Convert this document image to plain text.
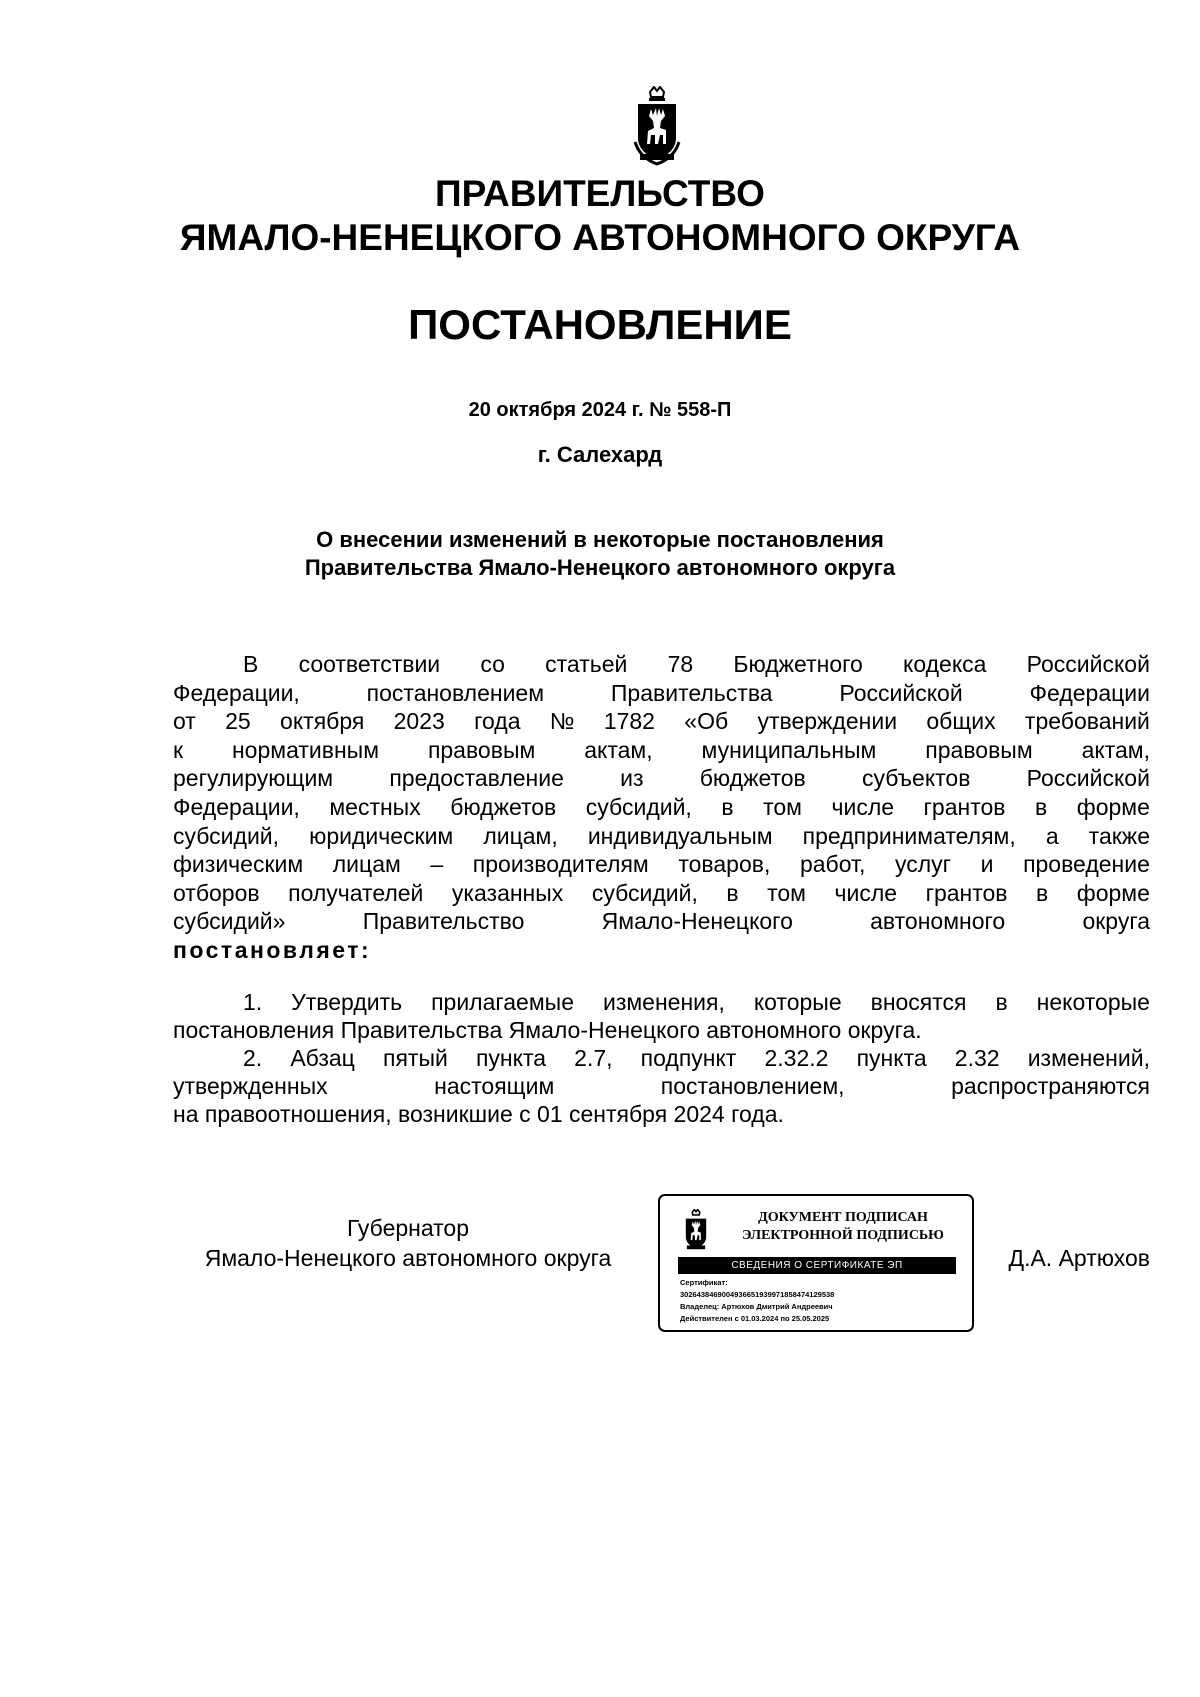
ПРАВИТЕЛЬСТВО
ЯМАЛО-НЕНЕЦКОГО АВТОНОМНОГО ОКРУГА
ПОСТАНОВЛЕНИЕ
20 октября 2024 г. № 558-П
г. Салехард
О внесении изменений в некоторые постановления
Правительства Ямало-Ненецкого автономного округа
В соответствии со статьей 78 Бюджетного кодекса Российской
Федерации,	постановлением	Правительства	Российской	Федерации
от 25 октября 2023 года № 1782 «Об утверждении общих требований
к нормативным правовым актам, муниципальным правовым актам,
регулирующим предоставление из бюджетов субъектов Российской
Федерации, местных бюджетов субсидий, в том числе грантов в форме
субсидий, юридическим лицам, индивидуальным предпринимателям, а также
физическим лицам – производителям товаров, работ, услуг и проведение
отборов получателей указанных субсидий, в том числе грантов в форме
субсидий»	Правительство	Ямало-Ненецкого	автономного	округа
постановляет:
1. Утвердить прилагаемые изменения, которые вносятся в некоторые
постановления Правительства Ямало-Ненецкого автономного округа.
2. Абзац пятый пункта 2.7, подпункт 2.32.2 пункта 2.32 изменений,
утвержденных	настоящим	постановлением,	распространяются
на правоотношения, возникшие с 01 сентября 2024 года.
Губернатор
Ямало-Ненецкого автономного округа	Д.А. Артюхов
ДОКУМЕНТ ПОДПИСАН
ЭЛЕКТРОННОЙ ПОДПИСЬЮ
СВЕДЕНИЯ О СЕРТИФИКАТЕ ЭП
Сертификат:
3026438469004936651939971858474129538
Владелец: Артюхов Дмитрий Андреевич
Действителен с 01.03.2024 по 25.05.2025
